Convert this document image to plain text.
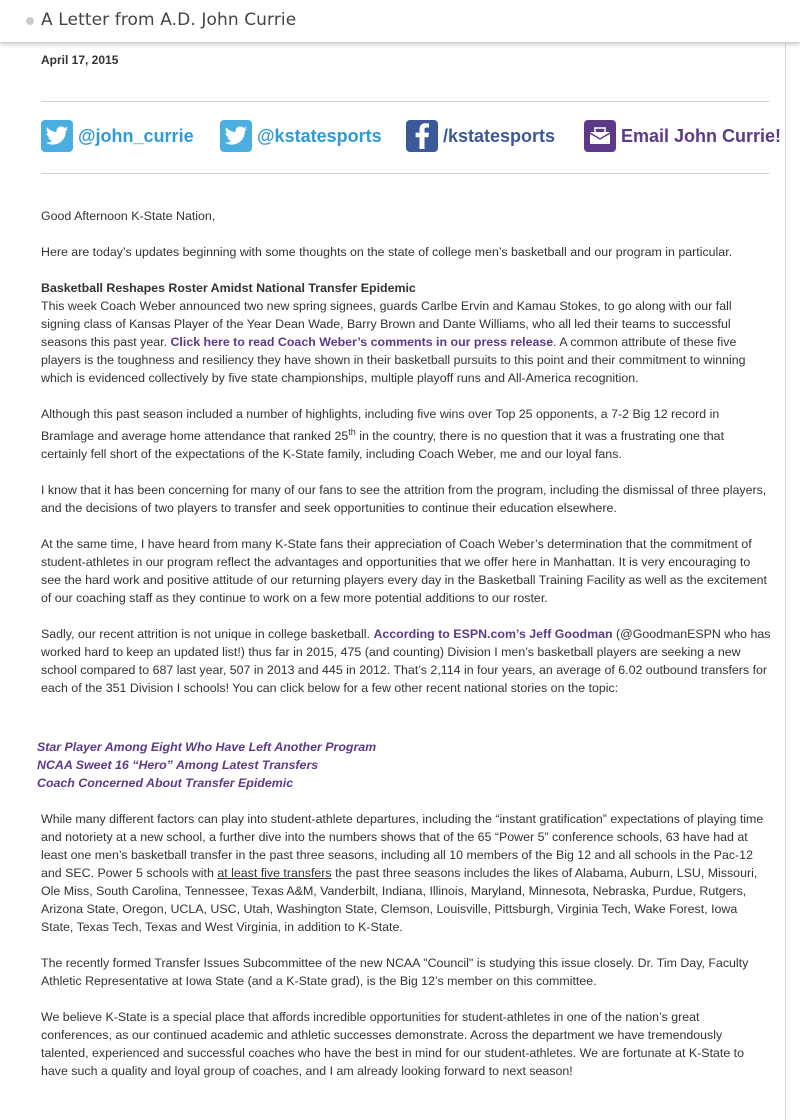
A Letter from A.D. John Currie
April 17, 2015
@john_currie	@kstatesports	/kstatesports	Email John Currie!

Good Afternoon K-State Nation,

Here are today’s updates beginning with some thoughts on the state of college men’s basketball and our program in particular.

Basketball Reshapes Roster Amidst National Transfer Epidemic
This week Coach Weber announced two new spring signees, guards Carlbe Ervin and Kamau Stokes, to go along with our fall signing class of Kansas Player of the Year Dean Wade, Barry Brown and Dante Williams, who all led their teams to successful seasons this past year. Click here to read Coach Weber’s comments in our press release. A common attribute of these five players is the toughness and resiliency they have shown in their basketball pursuits to this point and their commitment to winning which is evidenced collectively by five state championships, multiple playoff runs and All-America recognition.

Although this past season included a number of highlights, including five wins over Top 25 opponents, a 7-2 Big 12 record in Bramlage and average home attendance that ranked 25th in the country, there is no question that it was a frustrating one that certainly fell short of the expectations of the K-State family, including Coach Weber, me and our loyal fans.

I know that it has been concerning for many of our fans to see the attrition from the program, including the dismissal of three players, and the decisions of two players to transfer and seek opportunities to continue their education elsewhere.

At the same time, I have heard from many K-State fans their appreciation of Coach Weber’s determination that the commitment of student-athletes in our program reflect the advantages and opportunities that we offer here in Manhattan. It is very encouraging to see the hard work and positive attitude of our returning players every day in the Basketball Training Facility as well as the excitement of our coaching staff as they continue to work on a few more potential additions to our roster.

Sadly, our recent attrition is not unique in college basketball. According to ESPN.com’s Jeff Goodman (@GoodmanESPN who has worked hard to keep an updated list!) thus far in 2015, 475 (and counting) Division I men’s basketball players are seeking a new school compared to 687 last year, 507 in 2013 and 445 in 2012. That’s 2,114 in four years, an average of 6.02 outbound transfers for each of the 351 Division I schools! You can click below for a few other recent national stories on the topic:

Star Player Among Eight Who Have Left Another Program
NCAA Sweet 16 “Hero” Among Latest Transfers
Coach Concerned About Transfer Epidemic

While many different factors can play into student-athlete departures, including the “instant gratification” expectations of playing time and notoriety at a new school, a further dive into the numbers shows that of the 65 “Power 5” conference schools, 63 have had at least one men’s basketball transfer in the past three seasons, including all 10 members of the Big 12 and all schools in the Pac-12 and SEC. Power 5 schools with at least five transfers the past three seasons includes the likes of Alabama, Auburn, LSU, Missouri, Ole Miss, South Carolina, Tennessee, Texas A&M, Vanderbilt, Indiana, Illinois, Maryland, Minnesota, Nebraska, Purdue, Rutgers, Arizona State, Oregon, UCLA, USC, Utah, Washington State, Clemson, Louisville, Pittsburgh, Virginia Tech, Wake Forest, Iowa State, Texas Tech, Texas and West Virginia, in addition to K-State.

The recently formed Transfer Issues Subcommittee of the new NCAA "Council" is studying this issue closely. Dr. Tim Day, Faculty Athletic Representative at Iowa State (and a K-State grad), is the Big 12’s member on this committee.

We believe K-State is a special place that affords incredible opportunities for student-athletes in one of the nation’s great conferences, as our continued academic and athletic successes demonstrate. Across the department we have tremendously talented, experienced and successful coaches who have the best in mind for our student-athletes. We are fortunate at K-State to have such a quality and loyal group of coaches, and I am already looking forward to next season!
